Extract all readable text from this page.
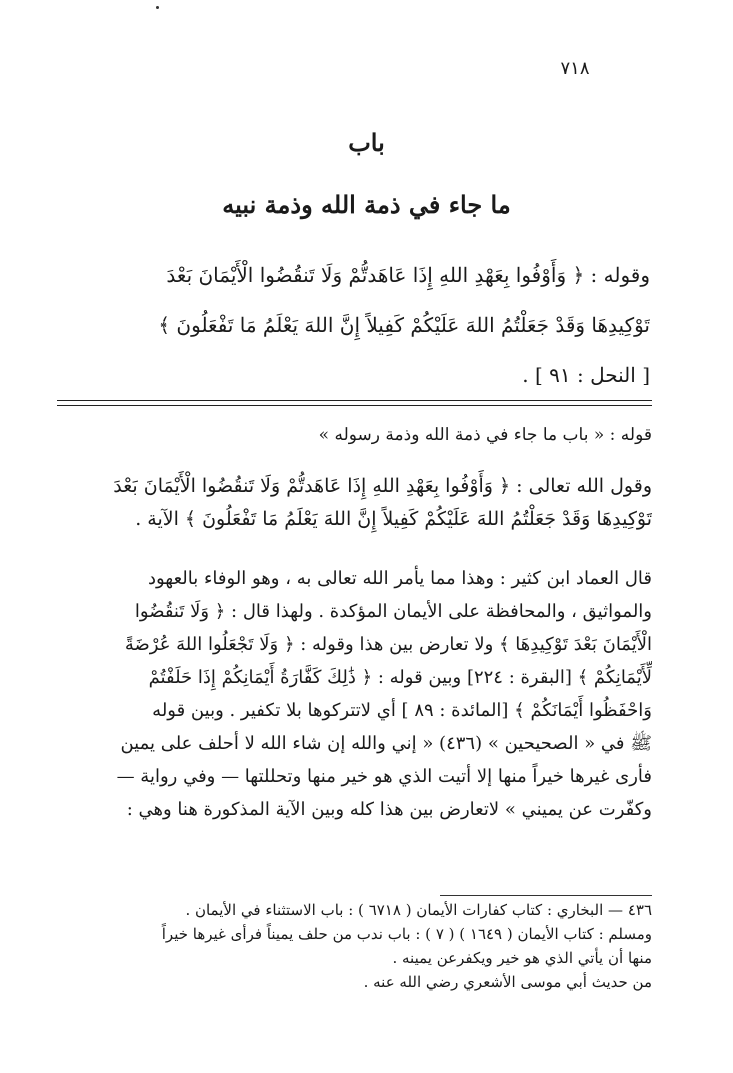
٧١٨
باب
ما جاء في ذمة الله وذمة نبيه
وقوله : ﴿ وَأَوْفُوا بِعَهْدِ اللهِ إِذَا عَاهَدتُّمْ وَلَا تَنقُضُوا الْأَيْمَانَ بَعْدَ
تَوْكِيدِهَا وَقَدْ جَعَلْتُمُ اللهَ عَلَيْكُمْ كَفِيلاً إِنَّ اللهَ يَعْلَمُ مَا تَفْعَلُونَ ﴾
[ النحل : ٩١ ] .
قوله : « باب ما جاء في ذمة الله وذمة رسوله »
وقول الله تعالى : ﴿ وَأَوْفُوا بِعَهْدِ اللهِ إِذَا عَاهَدتُّمْ وَلَا تَنقُضُوا الْأَيْمَانَ بَعْدَ
تَوْكِيدِهَا وَقَدْ جَعَلْتُمُ اللهَ عَلَيْكُمْ كَفِيلاً إِنَّ اللهَ يَعْلَمُ مَا تَفْعَلُونَ ﴾ الآية .
قال العماد ابن كثير : وهذا مما يأمر الله تعالى به ، وهو الوفاء بالعهود
والمواثيق ، والمحافظة على الأيمان المؤكدة . ولهذا قال : ﴿ وَلَا تَنقُضُوا
الْأَيْمَانَ بَعْدَ تَوْكِيدِهَا ﴾ ولا تعارض بين هذا وقوله : ﴿ وَلَا تَجْعَلُوا اللهَ عُرْضَةً
لِّأَيْمَانِكُمْ ﴾ [البقرة : ٢٢٤] وبين قوله : ﴿ ذَٰلِكَ كَفَّارَةُ أَيْمَانِكُمْ إِذَا حَلَفْتُمْ
وَاحْفَظُوا أَيْمَانَكُمْ ﴾ [المائدة : ٨٩ ] أي لاتتركوها بلا تكفير . وبين قوله
ﷺ في « الصحيحين » (٤٣٦) « إني والله إن شاء الله لا أحلف على يمين
فأرى غيرها خيراً منها إلا أتيت الذي هو خير منها وتحللتها — وفي رواية —
وكفّرت عن يميني » لاتعارض بين هذا كله وبين الآية المذكورة هنا وهي :
٤٣٦ — البخاري : كتاب كفارات الأيمان ( ٦٧١٨ ) : باب الاستثناء في الأيمان .
ومسلم : كتاب الأيمان ( ١٦٤٩ ) ( ٧ ) : باب ندب من حلف يميناً فرأى غيرها خيراً
منها أن يأتي الذي هو خير ويكفرعن يمينه .
من حديث أبي موسى الأشعري رضي الله عنه .
